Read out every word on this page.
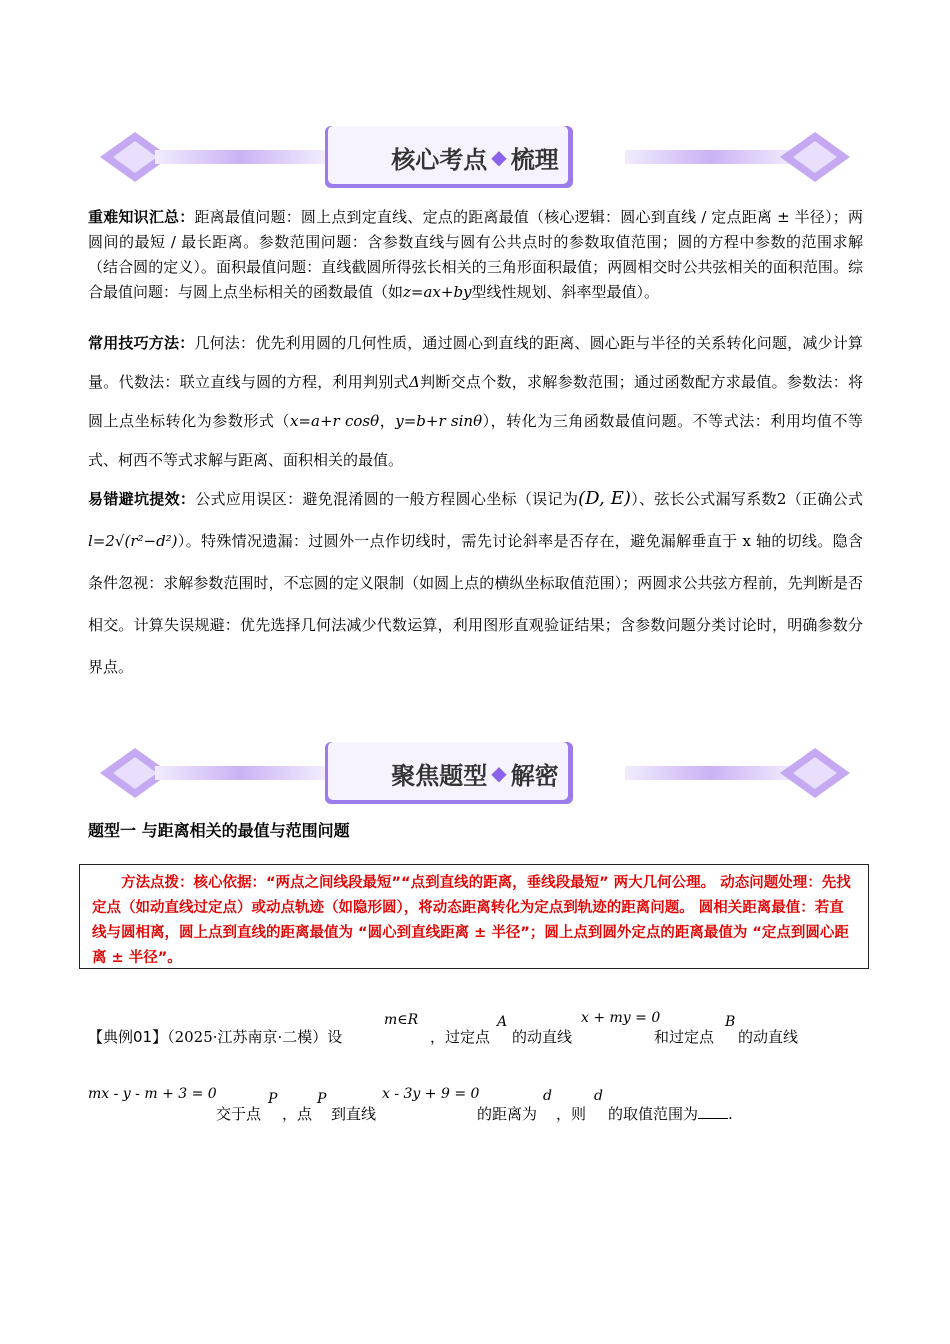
核心考点 ◆ 梳理
重难知识汇总：距离最值问题：圆上点到定直线、定点的距离最值（核心逻辑：圆心到直线 / 定点距离 ± 半径）；两圆间的最短 / 最长距离。参数范围问题：含参数直线与圆有公共点时的参数取值范围；圆的方程中参数的范围求解（结合圆的定义）。面积最值问题：直线截圆所得弦长相关的三角形面积最值；两圆相交时公共弦相关的面积范围。综合最值问题：与圆上点坐标相关的函数最值（如z=ax+by型线性规划、斜率型最值）。
常用技巧方法：几何法：优先利用圆的几何性质，通过圆心到直线的距离、圆心距与半径的关系转化问题，减少计算量。代数法：联立直线与圆的方程，利用判别式Δ判断交点个数，求解参数范围；通过函数配方求最值。参数法：将圆上点坐标转化为参数形式（x=a+r cosθ，y=b+r sinθ），转化为三角函数最值问题。不等式法：利用均值不等式、柯西不等式求解与距离、面积相关的最值。
易错避坑提效：公式应用误区：避免混淆圆的一般方程圆心坐标（误记为(D, E)）、弦长公式漏写系数2（正确公式l=2√(r²−d²)）。特殊情况遗漏：过圆外一点作切线时，需先讨论斜率是否存在，避免漏解垂直于 x 轴的切线。隐含条件忽视：求解参数范围时，不忘圆的定义限制（如圆上点的横纵坐标取值范围）；两圆求公共弦方程前，先判断是否相交。计算失误规避：优先选择几何法减少代数运算，利用图形直观验证结果；含参数问题分类讨论时，明确参数分界点。
聚焦题型 ◆ 解密
题型一 与距离相关的最值与范围问题
方法点拨：核心依据：“两点之间线段最短”“点到直线的距离，垂线段最短” 两大几何公理。 动态问题处理：先找定点（如动直线过定点）或动点轨迹（如隐形圆），将动态距离转化为定点到轨迹的距离问题。 圆相关距离最值：若直线与圆相离，圆上点到直线的距离最值为 “圆心到直线距离 ± 半径”；圆上点到圆外定点的距离最值为 “定点到圆心距离 ± 半径”。
【典例01】（2025·江苏南京·二模）设
m∈R
，过定点
A
的动直线
x + my = 0
和过定点
B
的动直线
mx - y - m + 3 = 0
交于点
P
，点
P
到直线
x - 3y + 9 = 0
的距离为
d
，则
d
的取值范围为 .
